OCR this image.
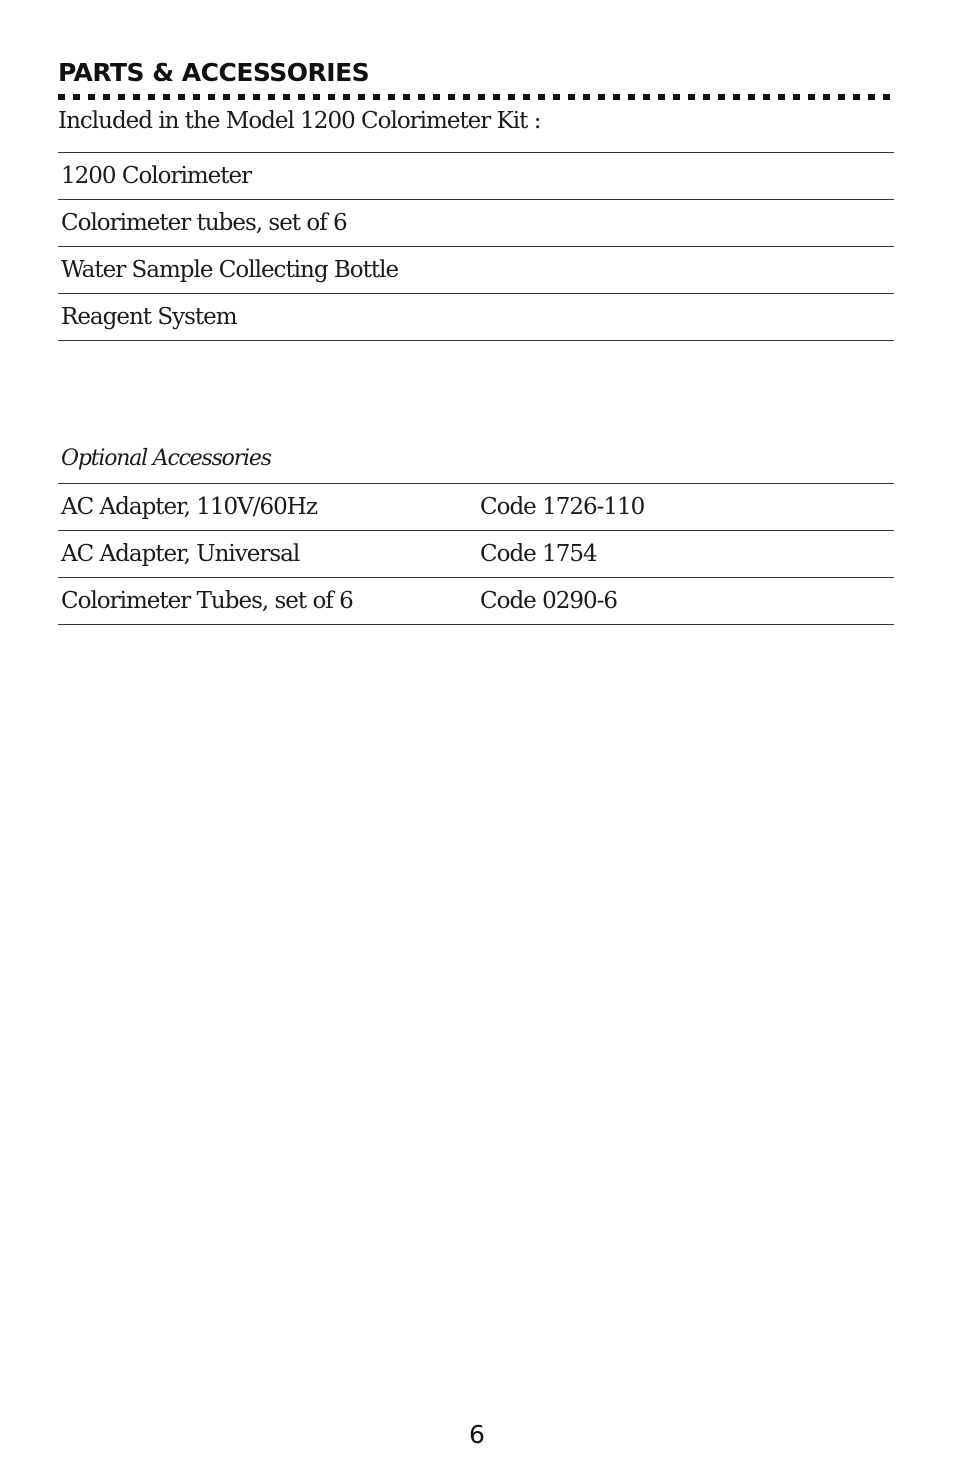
PARTS & ACCESSORIES

Included in the Model 1200 Colorimeter Kit :

1200 Colorimeter
Colorimeter tubes, set of 6
Water Sample Collecting Bottle
Reagent System

Optional Accessories

AC Adapter, 110V/60Hz	Code 1726-110
AC Adapter, Universal	Code 1754
Colorimeter Tubes, set of 6	Code 0290-6
6
